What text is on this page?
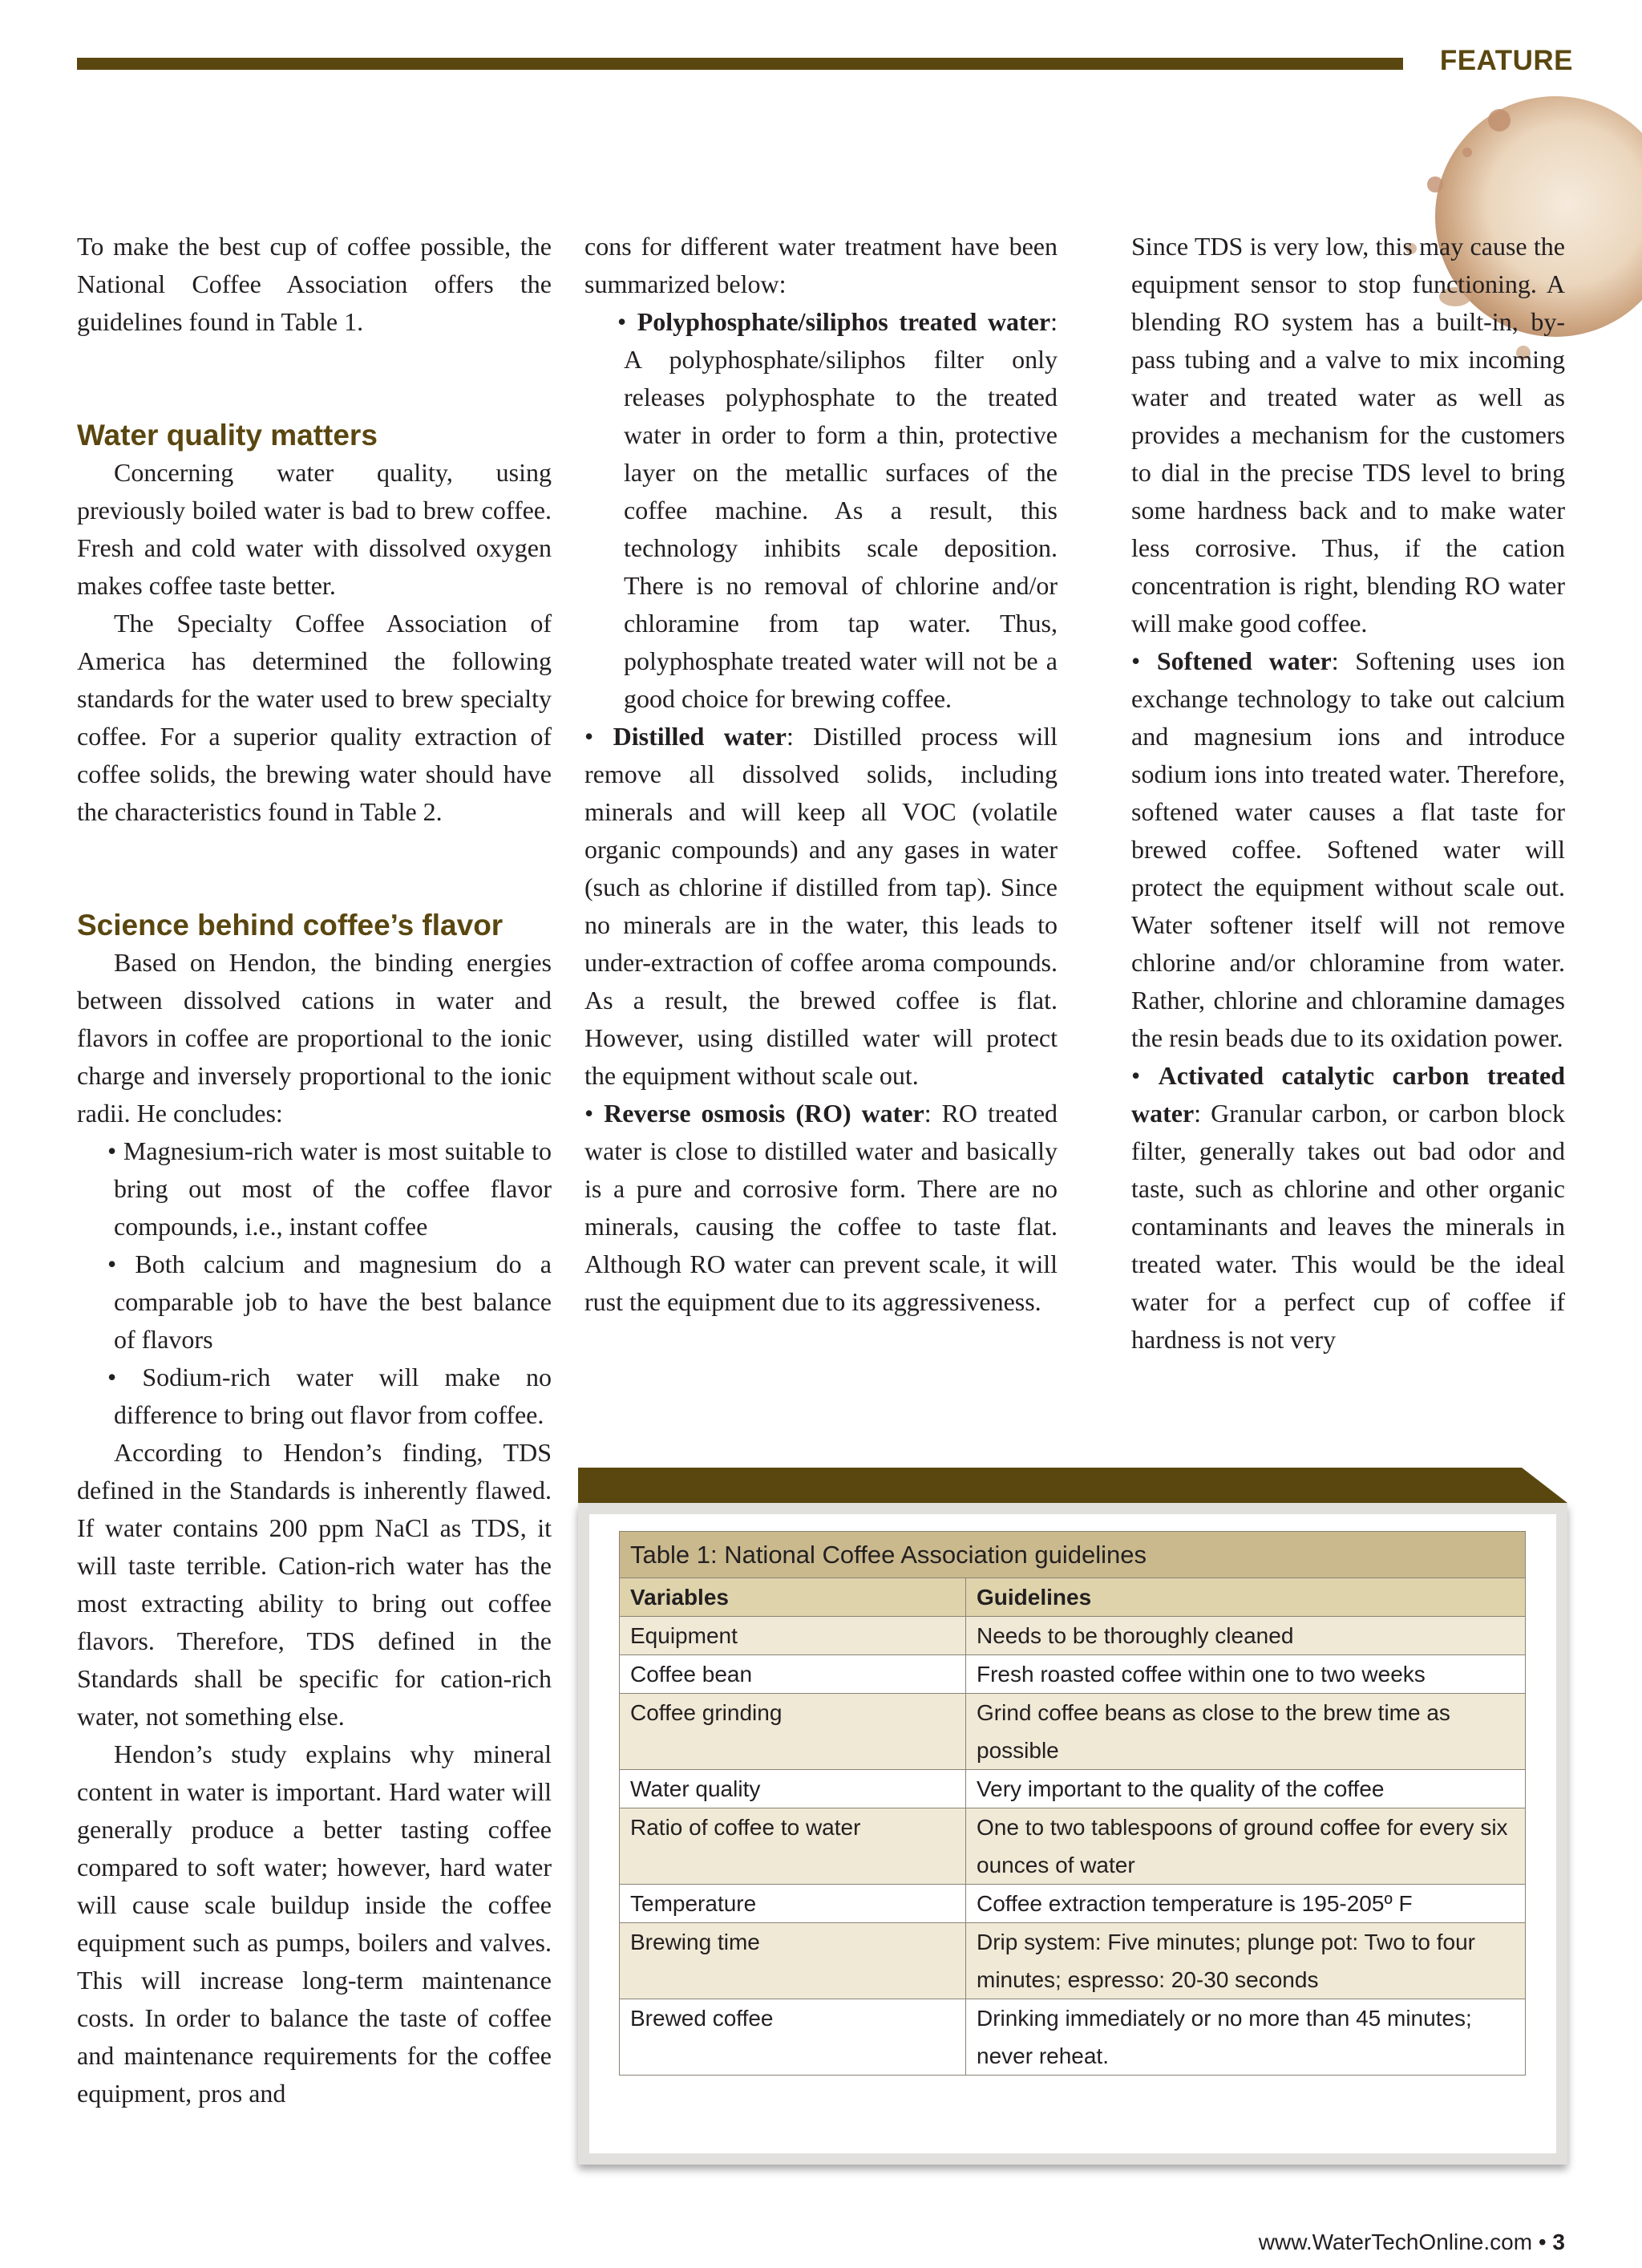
FEATURE

To make the best cup of coffee possible, the National Coffee Association offers the guidelines found in Table 1.

Water quality matters

Concerning water quality, using previously boiled water is bad to brew coffee. Fresh and cold water with dissolved oxygen makes coffee taste better.

The Specialty Coffee Association of America has determined the following standards for the water used to brew specialty coffee. For a superior quality extraction of coffee solids, the brewing water should have the characteristics found in Table 2.

Science behind coffee’s flavor

Based on Hendon, the binding energies between dissolved cations in water and flavors in coffee are proportional to the ionic charge and inversely proportional to the ionic radii. He concludes:

• Magnesium-rich water is most suitable to bring out most of the coffee flavor compounds, i.e., instant coffee

• Both calcium and magnesium do a comparable job to have the best balance of flavors

• Sodium-rich water will make no difference to bring out flavor from coffee.

According to Hendon’s finding, TDS defined in the Standards is inherently flawed. If water contains 200 ppm NaCl as TDS, it will taste terrible. Cation-rich water has the most extracting ability to bring out coffee flavors. Therefore, TDS defined in the Standards shall be specific for cation-rich water, not something else.

Hendon’s study explains why mineral content in water is important. Hard water will generally produce a better tasting coffee compared to soft water; however, hard water will cause scale buildup inside the coffee equipment such as pumps, boilers and valves. This will increase long-term maintenance costs. In order to balance the taste of coffee and maintenance requirements for the coffee equipment, pros and

cons for different water treatment have been summarized below:

• Polyphosphate/siliphos treated water: A polyphosphate/siliphos filter only releases polyphosphate to the treated water in order to form a thin, protective layer on the metallic surfaces of the coffee machine. As a result, this technology inhibits scale deposition. There is no removal of chlorine and/or chloramine from tap water. Thus, polyphosphate treated water will not be a good choice for brewing coffee.

• Distilled water: Distilled process will remove all dissolved solids, including minerals and will keep all VOC (volatile organic compounds) and any gases in water (such as chlorine if distilled from tap). Since no minerals are in the water, this leads to under-extraction of coffee aroma compounds. As a result, the brewed coffee is flat. However, using distilled water will protect the equipment without scale out.

• Reverse osmosis (RO) water: RO treated water is close to distilled water and basically is a pure and corrosive form. There are no minerals, causing the coffee to taste flat. Although RO water can prevent scale, it will rust the equipment due to its aggressiveness.

Since TDS is very low, this may cause the equipment sensor to stop functioning. A blending RO system has a built-in, by-pass tubing and a valve to mix incoming water and treated water as well as provides a mechanism for the customers to dial in the precise TDS level to bring some hardness back and to make water less corrosive. Thus, if the cation concentration is right, blending RO water will make good coffee.

• Softened water: Softening uses ion exchange technology to take out calcium and magnesium ions and introduce sodium ions into treated water. Therefore, softened water causes a flat taste for brewed coffee. Softened water will protect the equipment without scale out. Water softener itself will not remove chlorine and/or chloramine from water. Rather, chlorine and chloramine damages the resin beads due to its oxidation power.

• Activated catalytic carbon treated water: Granular carbon, or carbon block filter, generally takes out bad odor and taste, such as chlorine and other organic contaminants and leaves the minerals in treated water. This would be the ideal water for a perfect cup of coffee if hardness is not very

Table 1: National Coffee Association guidelines	
Variables	Guidelines
Equipment	Needs to be thoroughly cleaned
Coffee bean	Fresh roasted coffee within one to two weeks
Coffee grinding	Grind coffee beans as close to the brew time as possible
Water quality	Very important to the quality of the coffee
Ratio of coffee to water	One to two tablespoons of ground coffee for every six ounces of water
Temperature	Coffee extraction temperature is 195-205º F
Brewing time	Drip system: Five minutes; plunge pot: Two to four minutes; espresso: 20-30 seconds
Brewed coffee	Drinking immediately or no more than 45 minutes; never reheat.
www.WaterTechOnline.com • 3
